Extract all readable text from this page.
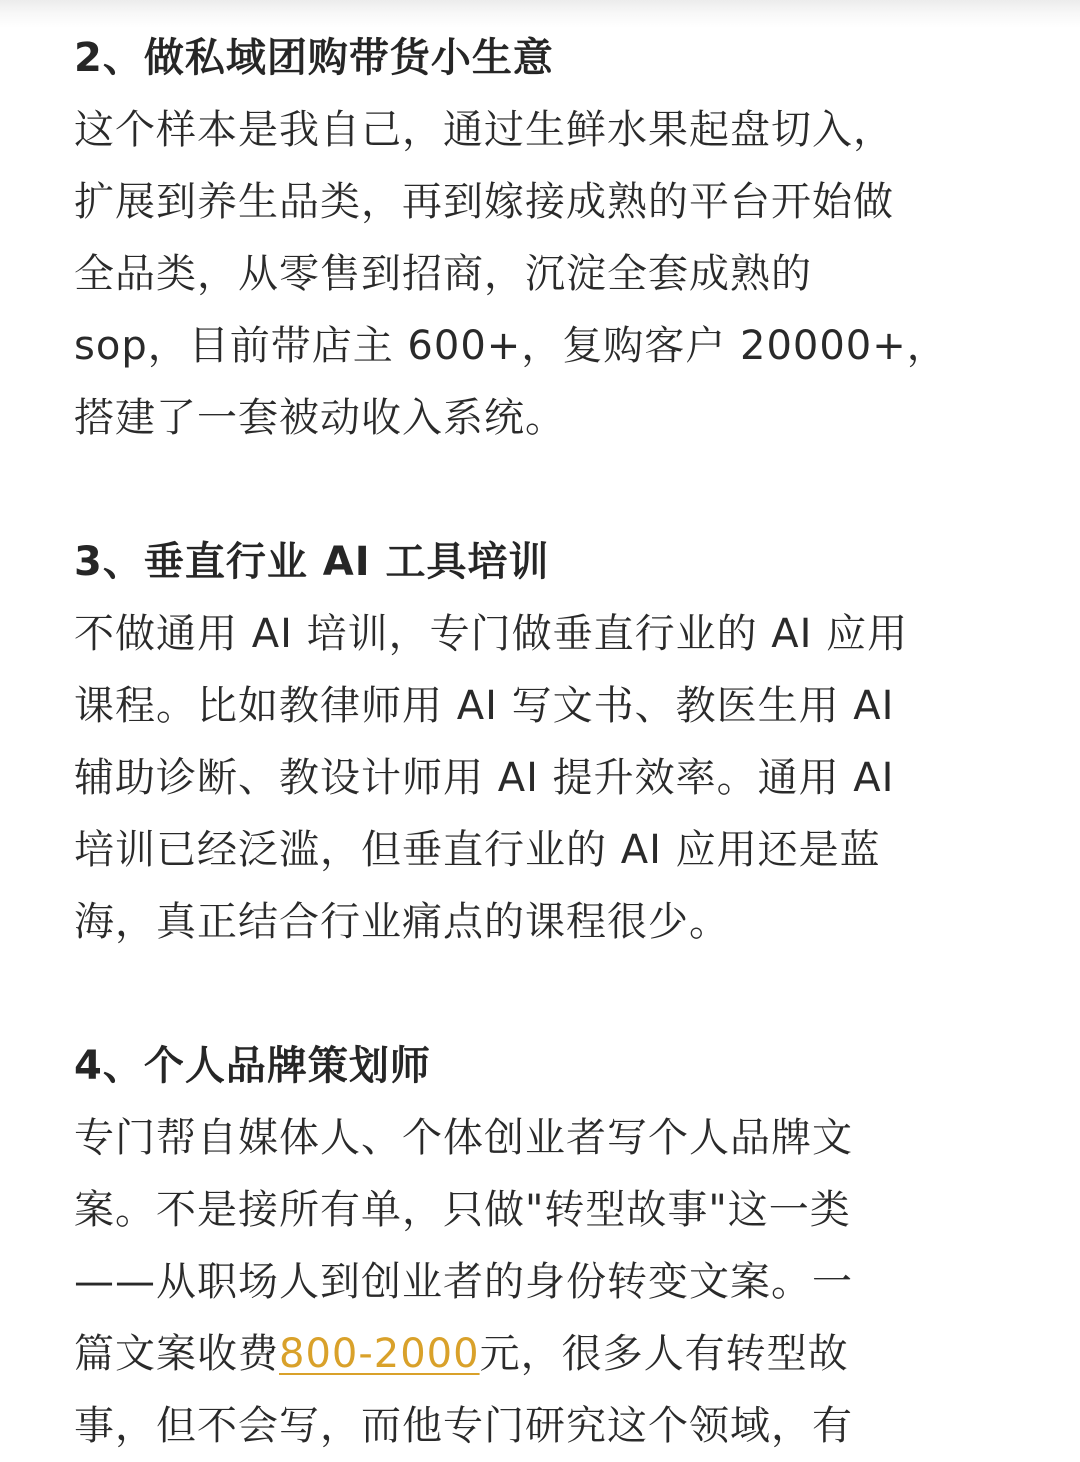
2、做私域团购带货小生意

这个样本是我自己，通过生鲜水果起盘切入，
扩展到养生品类，再到嫁接成熟的平台开始做
全品类，从零售到招商，沉淀全套成熟的
sop，目前带店主 600+，复购客户 20000+，
搭建了一套被动收入系统。

3、垂直行业 AI 工具培训

不做通用 AI 培训，专门做垂直行业的 AI 应用
课程。比如教律师用 AI 写文书、教医生用 AI
辅助诊断、教设计师用 AI 提升效率。通用 AI
培训已经泛滥，但垂直行业的 AI 应用还是蓝
海，真正结合行业痛点的课程很少。

4、个人品牌策划师

专门帮自媒体人、个体创业者写个人品牌文
案。不是接所有单，只做"转型故事"这一类
——从职场人到创业者的身份转变文案。一
篇文案收费800-2000元，很多人有转型故
事，但不会写，而他专门研究这个领域，有
